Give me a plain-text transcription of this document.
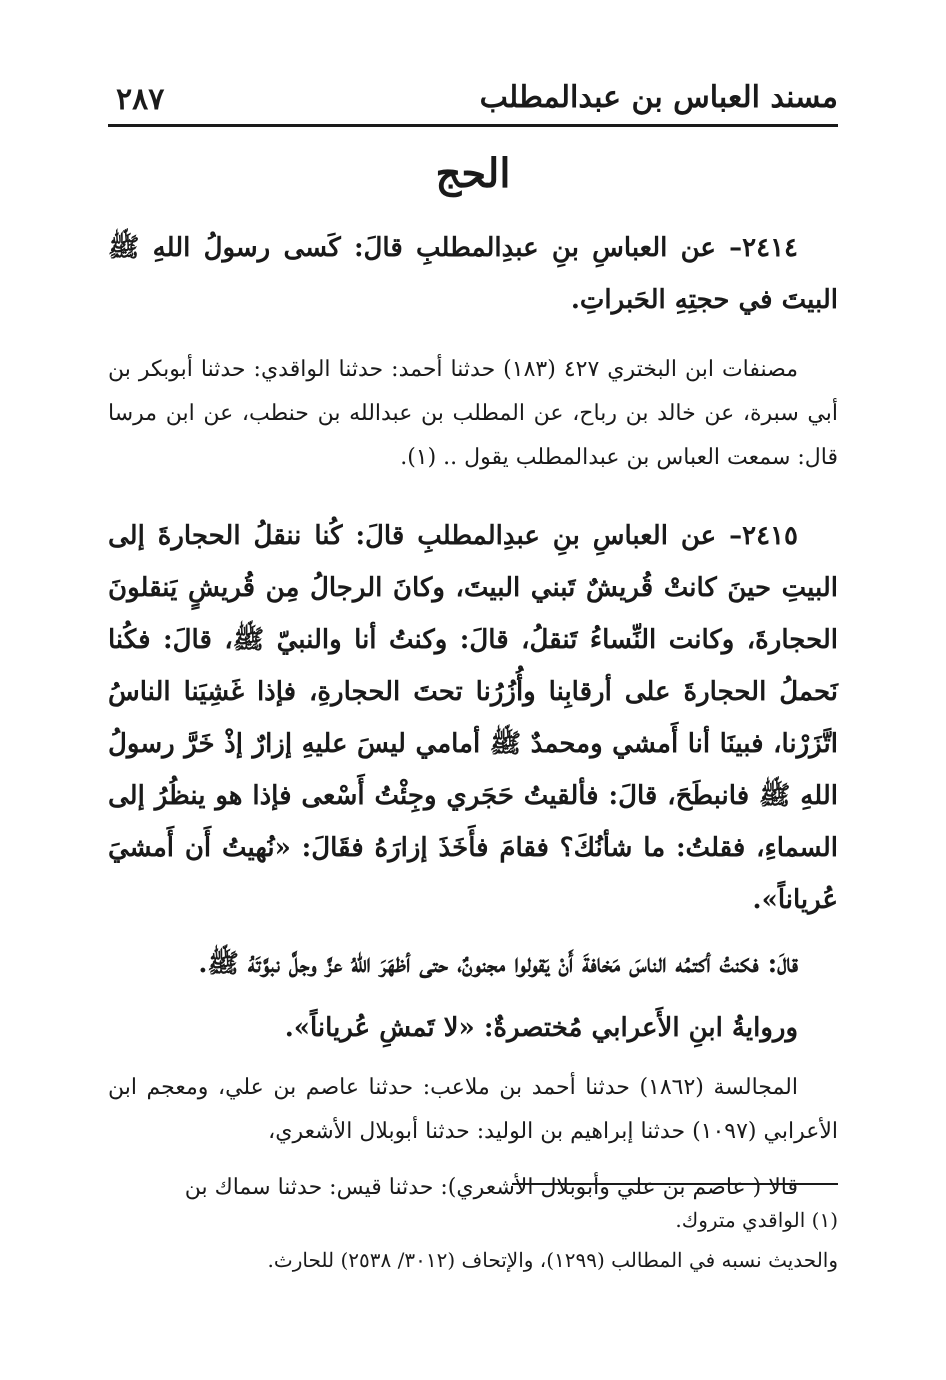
مسند العباس بن عبدالمطلب
٢٨٧
الحج

٢٤١٤– عن العباسِ بنِ عبدِالمطلبِ قالَ: كَسى رسولُ اللهِ ﷺ البيتَ في حجتِهِ الحَبراتِ.

مصنفات ابن البختري ٤٢٧ (١٨٣) حدثنا أحمد: حدثنا الواقدي: حدثنا أبوبكر بن أبي سبرة، عن خالد بن رباح، عن المطلب بن عبدالله بن حنطب، عن ابن مرسا قال: سمعت العباس بن عبدالمطلب يقول .. (١).

٢٤١٥– عن العباسِ بنِ عبدِالمطلبِ قالَ: كُنا ننقلُ الحجارةَ إلى البيتِ حينَ كانتْ قُريشٌ تَبني البيتَ، وكانَ الرجالُ مِن قُريشٍ يَنقلونَ الحجارةَ، وكانت النِّساءُ تَنقلُ، قالَ: وكنتُ أنا والنبيّ ﷺ، قالَ: فكُنا نَحملُ الحجارةَ على أرقابِنا وأُزُرُنا تحتَ الحجارةِ، فإذا غَشِيَنا الناسُ اتَّزَرْنا، فبينَا أنا أَمشي ومحمدٌ ﷺ أمامي ليسَ عليهِ إزارٌ إذْ خَرَّ رسولُ اللهِ ﷺ فانبطَحَ، قالَ: فألقيتُ حَجَري وجِئْتُ أَسْعى فإذا هو ينظُرُ إلى السماءِ، فقلتُ: ما شأنُكَ؟ فقامَ فأَخَذَ إزارَهُ فقَالَ: «نُهيتُ أَن أَمشيَ عُرياناً».

قالَ: فكنتُ أكتمُه الناسَ مَخافةَ أَنْ يَقولوا مجنونٌ، حتى أظهَرَ اللهُ عزَّ وجلَّ نبوَّتَهُ ﷺ.

وروايةُ ابنِ الأَعرابي مُختصرةٌ: «لا تَمشِ عُرياناً».

المجالسة (١٨٦٢) حدثنا أحمد بن ملاعب: حدثنا عاصم بن علي، ومعجم ابن الأعرابي (١٠٩٧) حدثنا إبراهيم بن الوليد: حدثنا أبوبلال الأشعري،

قالا ( عاصم بن علي وأبوبلال الأشعري): حدثنا قيس: حدثنا سماك بن

(١) الواقدي متروك.

والحديث نسبه في المطالب (١٢٩٩)، والإتحاف (٣٠١٢/ ٢٥٣٨) للحارث.
